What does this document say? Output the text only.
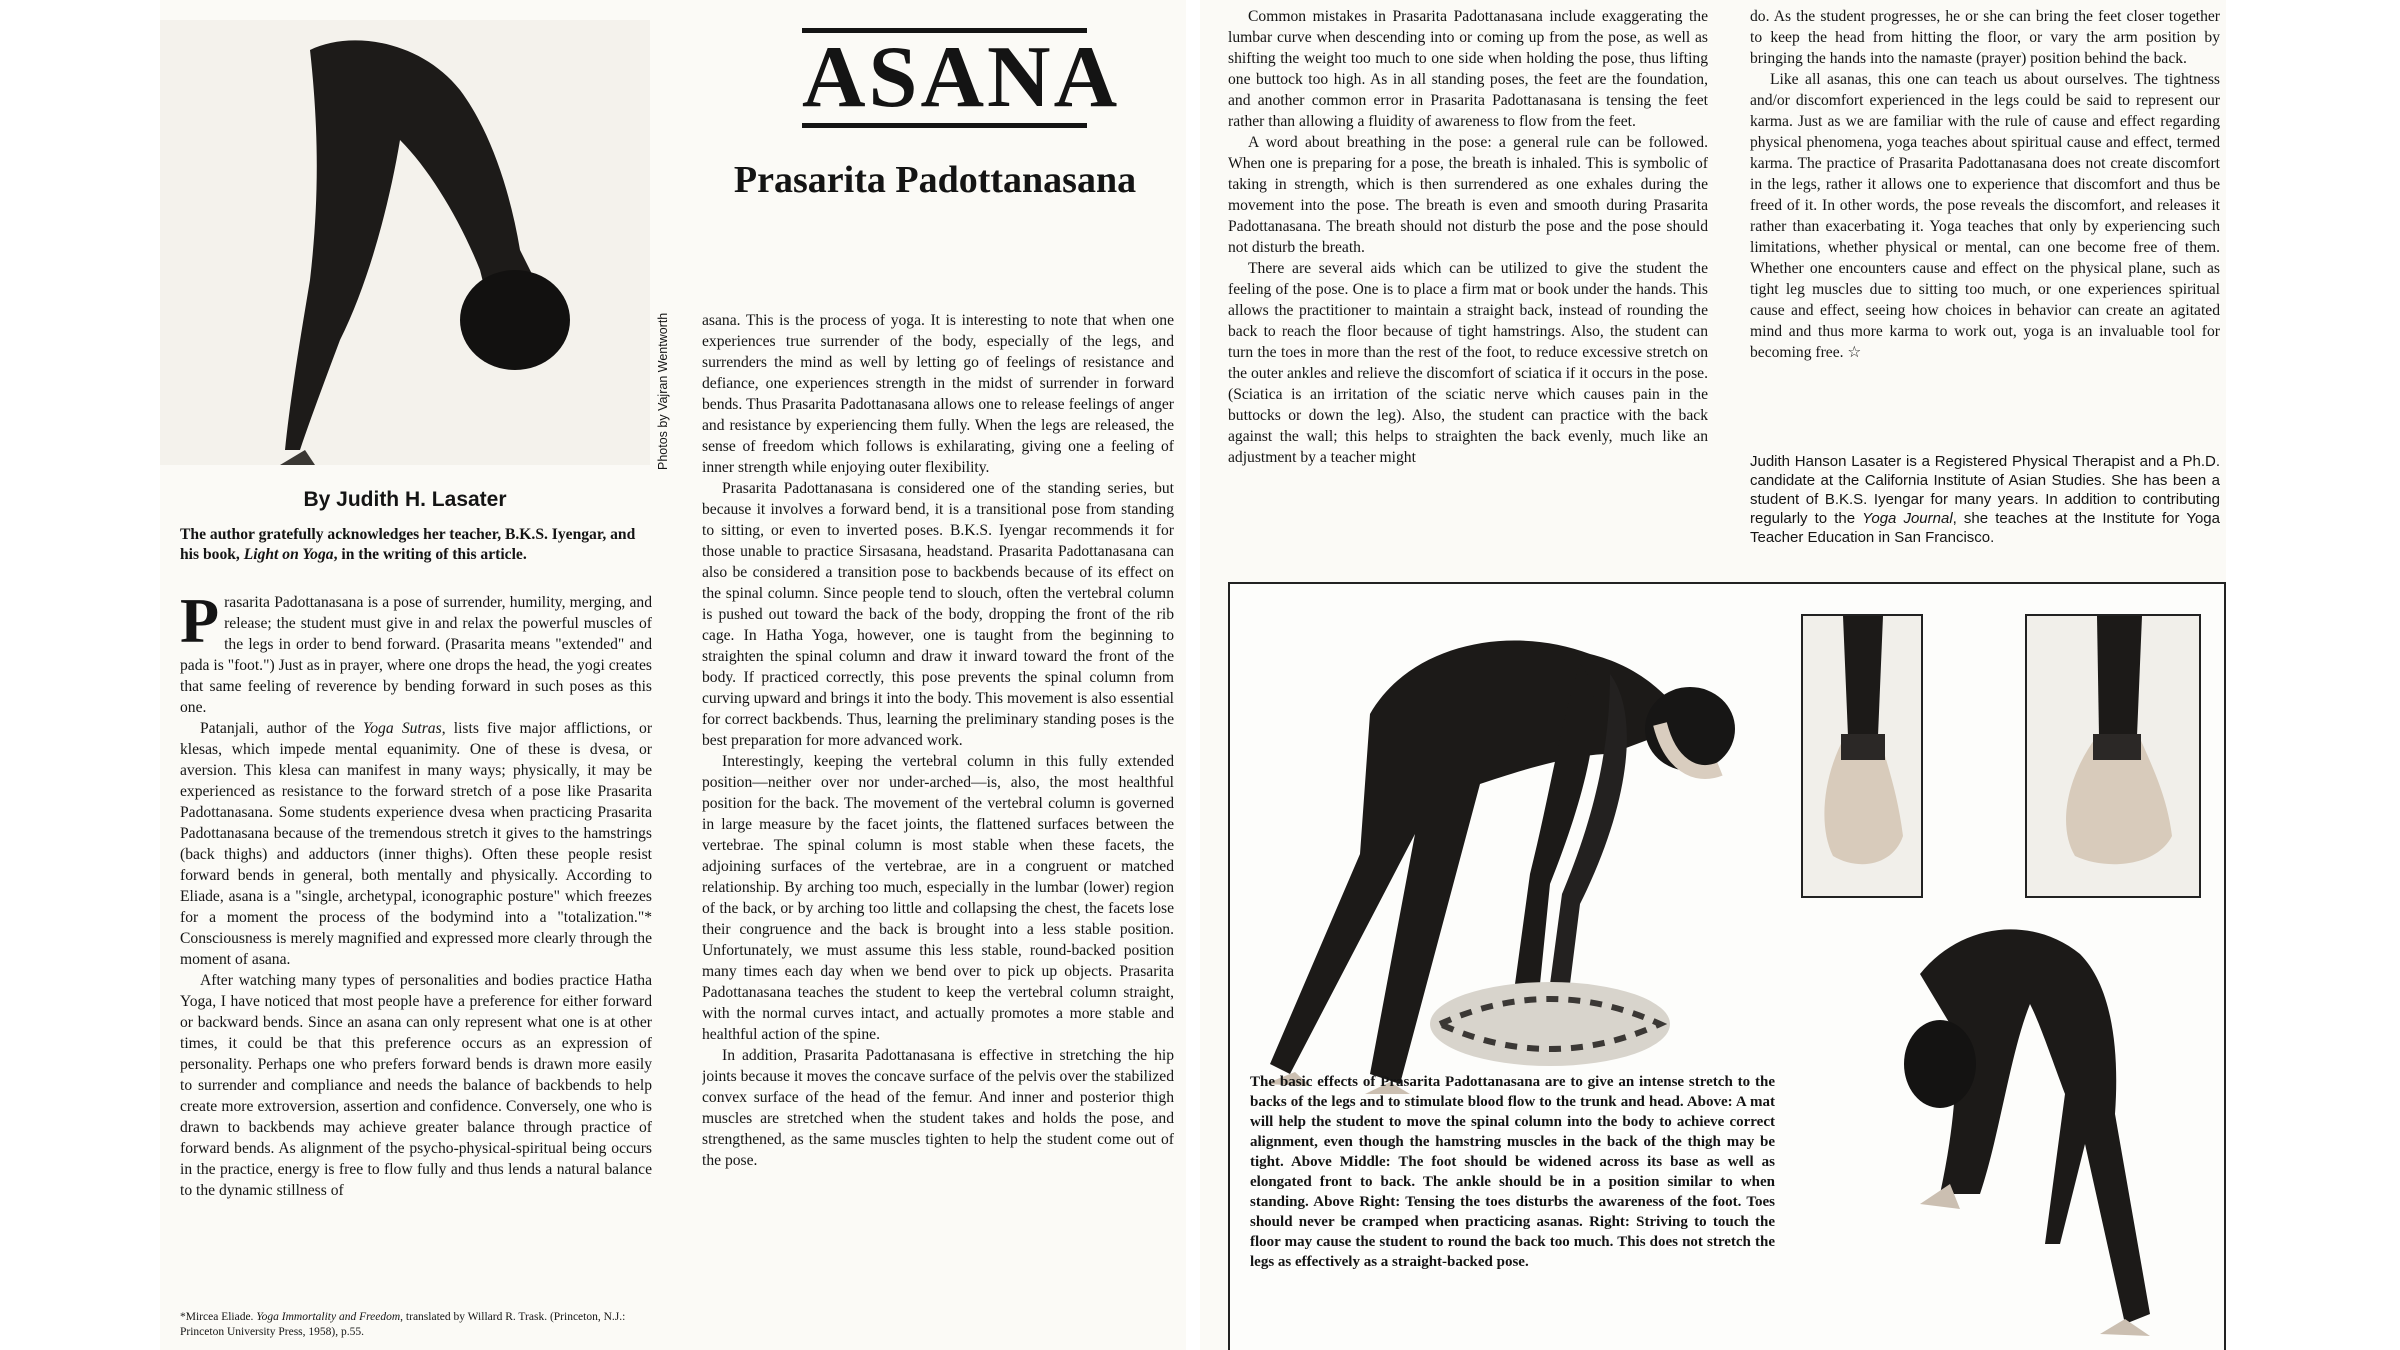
Photos by Vajran Wentworth
By Judith H. Lasater
The author gratefully acknowledges her teacher, B.K.S. Iyengar, and his book, Light on Yoga, in the writing of this article.

Prasarita Padottanasana is a pose of surrender, humility, merging, and release; the student must give in and relax the powerful muscles of the legs in order to bend forward. (Prasarita means "extended" and pada is "foot.") Just as in prayer, where one drops the head, the yogi creates that same feeling of reverence by bending forward in such poses as this one.

Patanjali, author of the Yoga Sutras, lists five major afflictions, or klesas, which impede mental equanimity. One of these is dvesa, or aversion. This klesa can manifest in many ways; physically, it may be experienced as resistance to the forward stretch of a pose like Prasarita Padottanasana. Some students experience dvesa when practicing Prasarita Padottanasana because of the tremendous stretch it gives to the hamstrings (back thighs) and adductors (inner thighs). Often these people resist forward bends in general, both mentally and physically. According to Eliade, asana is a "single, archetypal, iconographic posture" which freezes for a moment the process of the bodymind into a "totalization."* Consciousness is merely magnified and expressed more clearly through the moment of asana.

After watching many types of personalities and bodies practice Hatha Yoga, I have noticed that most people have a preference for either forward or backward bends. Since an asana can only represent what one is at other times, it could be that this preference occurs as an expression of personality. Perhaps one who prefers forward bends is drawn more easily to surrender and compliance and needs the balance of backbends to help create more extroversion, assertion and confidence. Conversely, one who is drawn to backbends may achieve greater balance through practice of forward bends. As alignment of the psycho-physical-spiritual being occurs in the practice, energy is free to flow fully and thus lends a natural balance to the dynamic stillness of

*Mircea Eliade. Yoga Immortality and Freedom, translated by Willard R. Trask. (Princeton, N.J.: Princeton University Press, 1958), p.55.
ASANA
Prasarita Padottanasana

asana. This is the process of yoga. It is interesting to note that when one experiences true surrender of the body, especially of the legs, and surrenders the mind as well by letting go of feelings of resistance and defiance, one experiences strength in the midst of surrender in forward bends. Thus Prasarita Padottanasana allows one to release feelings of anger and resistance by experiencing them fully. When the legs are released, the sense of freedom which follows is exhilarating, giving one a feeling of inner strength while enjoying outer flexibility.

Prasarita Padottanasana is considered one of the standing series, but because it involves a forward bend, it is a transitional pose from standing to sitting, or even to inverted poses. B.K.S. Iyengar recommends it for those unable to practice Sirsasana, headstand. Prasarita Padottanasana can also be considered a transition pose to backbends because of its effect on the spinal column. Since people tend to slouch, often the vertebral column is pushed out toward the back of the body, dropping the front of the rib cage. In Hatha Yoga, however, one is taught from the beginning to straighten the spinal column and draw it inward toward the front of the body. If practiced correctly, this pose prevents the spinal column from curving upward and brings it into the body. This movement is also essential for correct backbends. Thus, learning the preliminary standing poses is the best preparation for more advanced work.

Interestingly, keeping the vertebral column in this fully extended position—neither over nor under-arched—is, also, the most healthful position for the back. The movement of the vertebral column is governed in large measure by the facet joints, the flattened surfaces between the vertebrae. The spinal column is most stable when these facets, the adjoining surfaces of the vertebrae, are in a congruent or matched relationship. By arching too much, especially in the lumbar (lower) region of the back, or by arching too little and collapsing the chest, the facets lose their congruence and the back is brought into a less stable position. Unfortunately, we must assume this less stable, round-backed position many times each day when we bend over to pick up objects. Prasarita Padottanasana teaches the student to keep the vertebral column straight, with the normal curves intact, and actually promotes a more stable and healthful action of the spine.

In addition, Prasarita Padottanasana is effective in stretching the hip joints because it moves the concave surface of the pelvis over the stabilized convex surface of the head of the femur. And inner and posterior thigh muscles are stretched when the student takes and holds the pose, and strengthened, as the same muscles tighten to help the student come out of the pose.

Common mistakes in Prasarita Padottanasana include exaggerating the lumbar curve when descending into or coming up from the pose, as well as shifting the weight too much to one side when holding the pose, thus lifting one buttock too high. As in all standing poses, the feet are the foundation, and another common error in Prasarita Padottanasana is tensing the feet rather than allowing a fluidity of awareness to flow from the feet.

A word about breathing in the pose: a general rule can be followed. When one is preparing for a pose, the breath is inhaled. This is symbolic of taking in strength, which is then surrendered as one exhales during the movement into the pose. The breath is even and smooth during Prasarita Padottanasana. The breath should not disturb the pose and the pose should not disturb the breath.

There are several aids which can be utilized to give the student the feeling of the pose. One is to place a firm mat or book under the hands. This allows the practitioner to maintain a straight back, instead of rounding the back to reach the floor because of tight hamstrings. Also, the student can turn the toes in more than the rest of the foot, to reduce excessive stretch on the outer ankles and relieve the discomfort of sciatica if it occurs in the pose. (Sciatica is an irritation of the sciatic nerve which causes pain in the buttocks or down the leg). Also, the student can practice with the back against the wall; this helps to straighten the back evenly, much like an adjustment by a teacher might

do. As the student progresses, he or she can bring the feet closer together to keep the head from hitting the floor, or vary the arm position by bringing the hands into the namaste (prayer) position behind the back.

Like all asanas, this one can teach us about ourselves. The tightness and/or discomfort experienced in the legs could be said to represent our karma. Just as we are familiar with the rule of cause and effect regarding physical phenomena, yoga teaches about spiritual cause and effect, termed karma. The practice of Prasarita Padottanasana does not create discomfort in the legs, rather it allows one to experience that discomfort and thus be freed of it. In other words, the pose reveals the discomfort, and releases it rather than exacerbating it. Yoga teaches that only by experiencing such limitations, whether physical or mental, can one become free of them. Whether one encounters cause and effect on the physical plane, such as tight leg muscles due to sitting too much, or one experiences spiritual cause and effect, seeing how choices in behavior can create an agitated mind and thus more karma to work out, yoga is an invaluable tool for becoming free. ☆

Judith Hanson Lasater is a Registered Physical Therapist and a Ph.D. candidate at the California Institute of Asian Studies. She has been a student of B.K.S. Iyengar for many years. In addition to contributing regularly to the Yoga Journal, she teaches at the Institute for Yoga Teacher Education in San Francisco.
The basic effects of Prasarita Padottanasana are to give an intense stretch to the backs of the legs and to stimulate blood flow to the trunk and head. Above: A mat will help the student to move the spinal column into the body to achieve correct alignment, even though the hamstring muscles in the back of the thigh may be tight. Above Middle: The foot should be widened across its base as well as elongated front to back. The ankle should be in a position similar to when standing. Above Right: Tensing the toes disturbs the awareness of the foot. Toes should never be cramped when practicing asanas. Right: Striving to touch the floor may cause the student to round the back too much. This does not stretch the legs as effectively as a straight-backed pose.
